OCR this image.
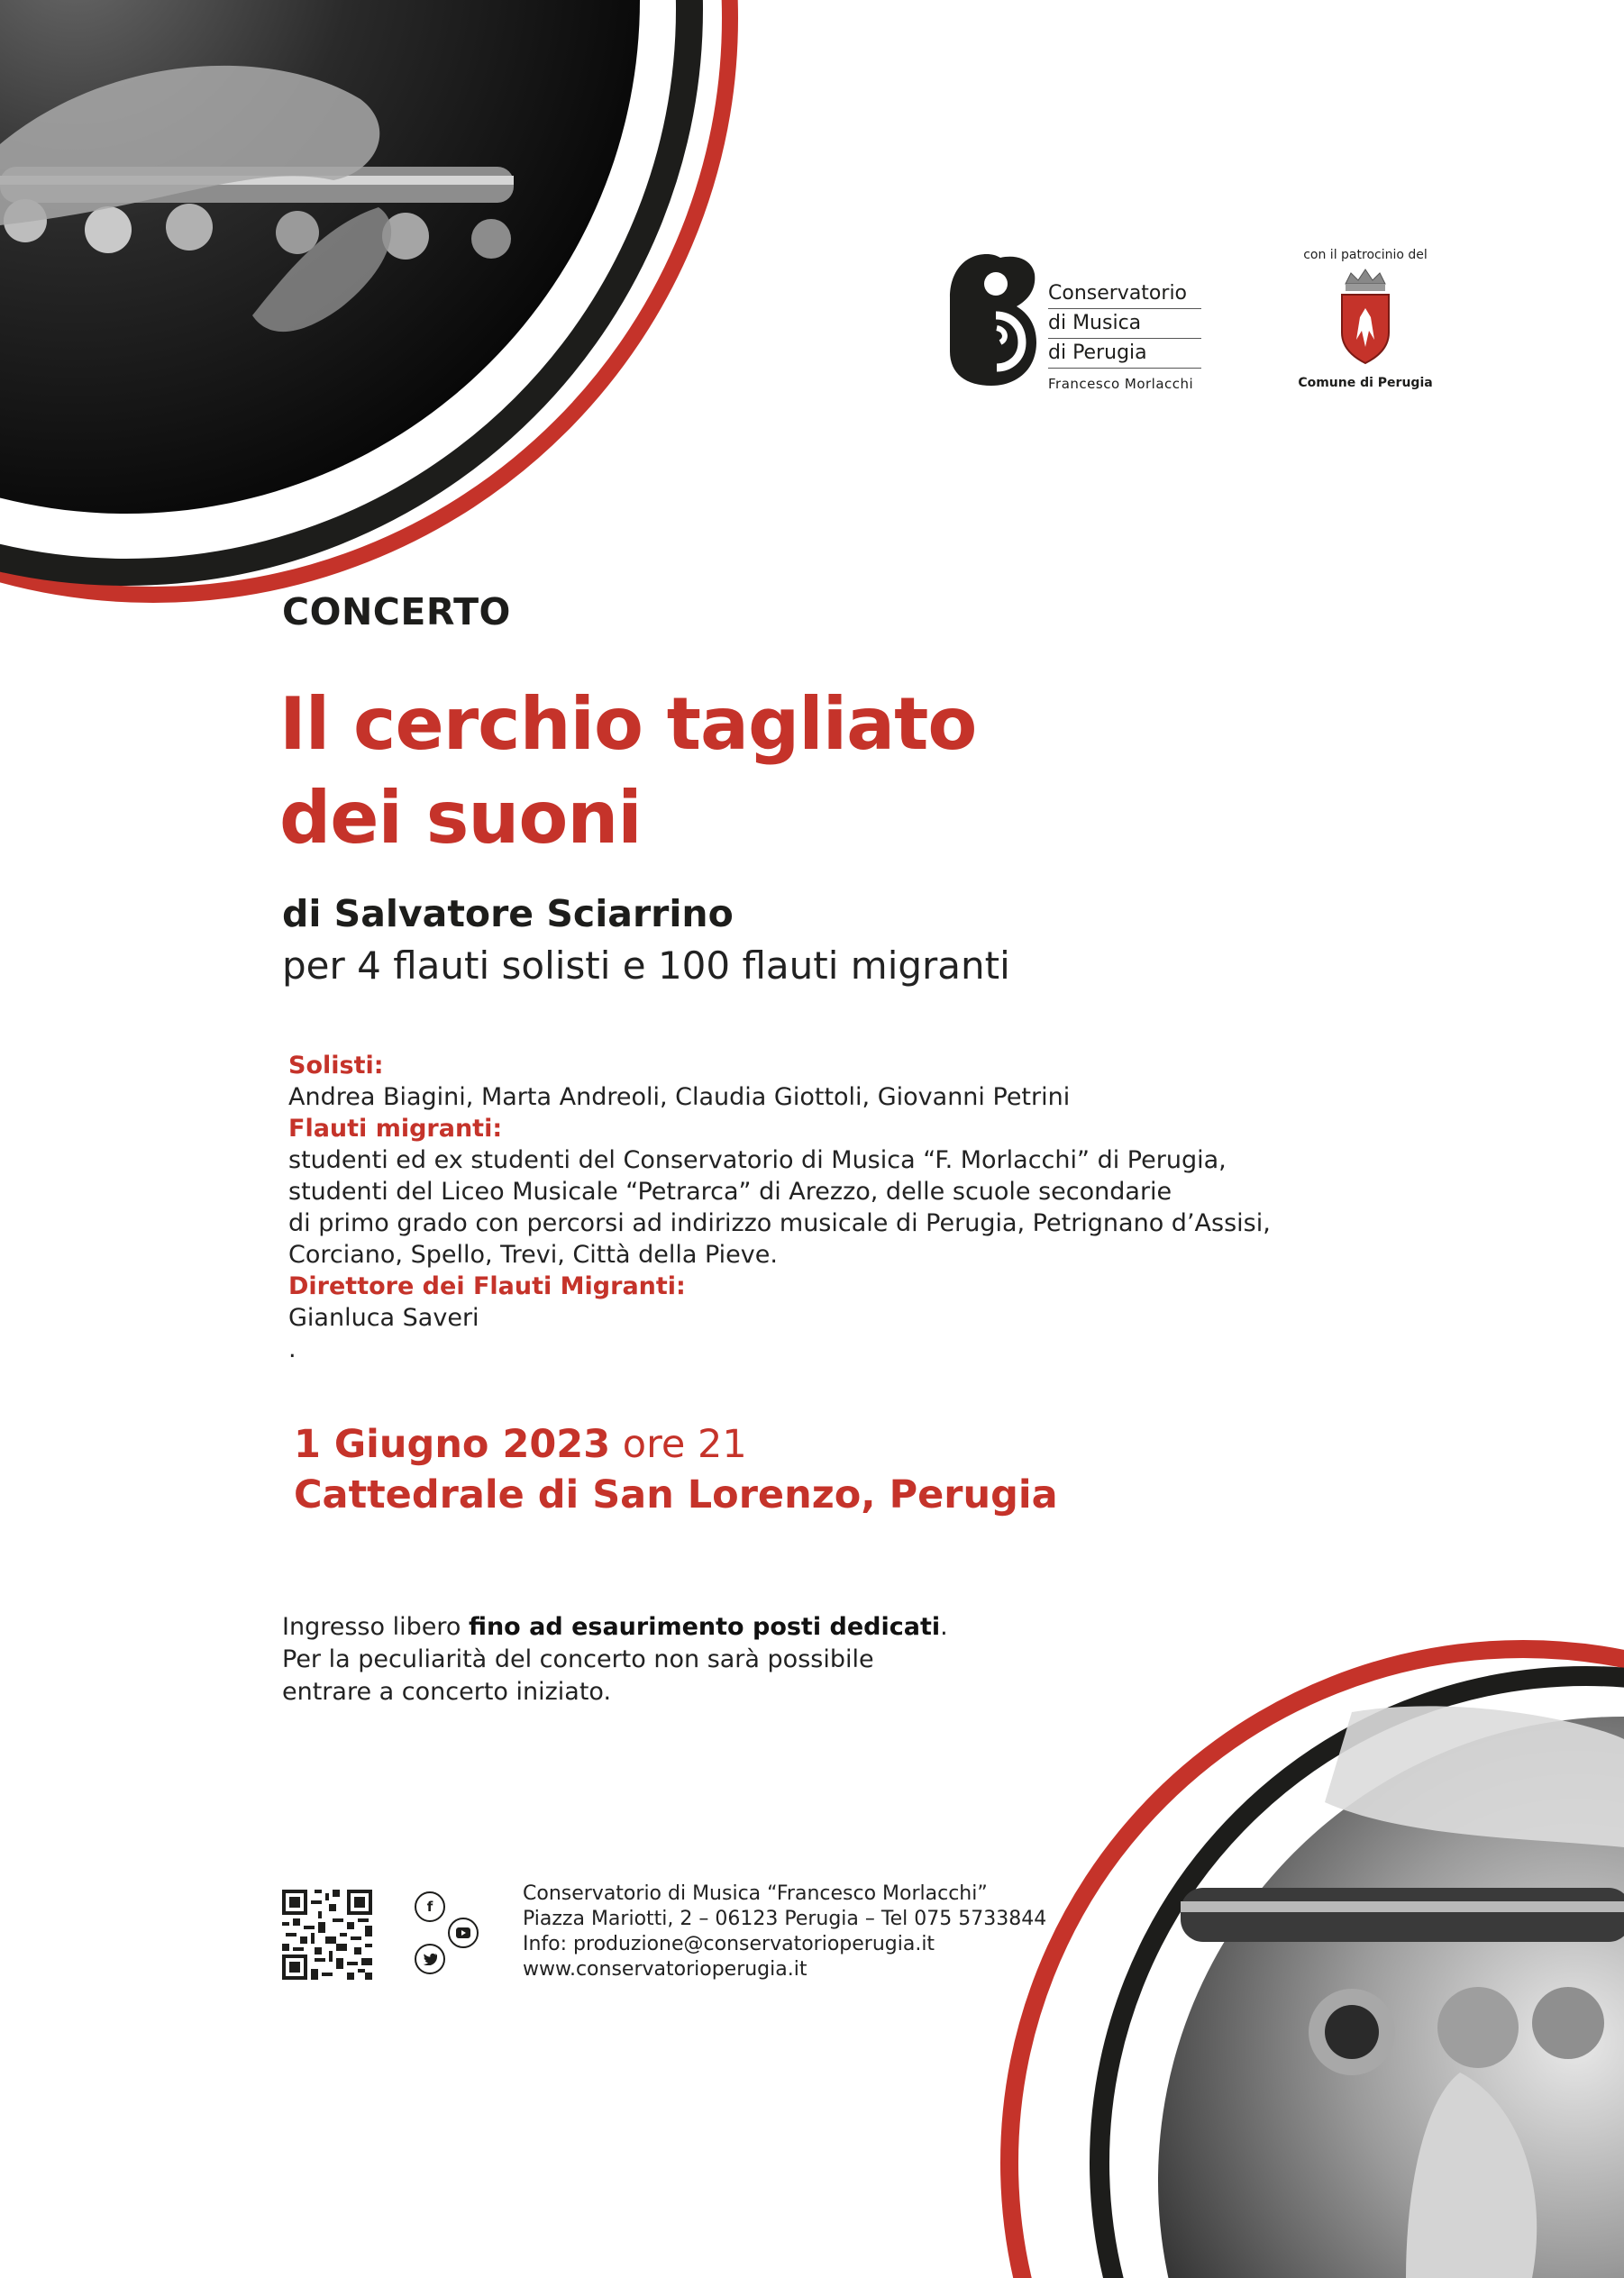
Conservatorio
di Musica
di Perugia
Francesco Morlacchi
con il patrocinio del
Comune di Perugia
CONCERTO
Il cerchio tagliato
dei suoni
di Salvatore Sciarrino
per 4 flauti solisti e 100 flauti migranti
Solisti:
Andrea Biagini, Marta Andreoli, Claudia Giottoli, Giovanni Petrini
Flauti migranti:
studenti ed ex studenti del Conservatorio di Musica “F. Morlacchi” di Perugia,
studenti del Liceo Musicale “Petrarca” di Arezzo, delle scuole secondarie
di primo grado con percorsi ad indirizzo musicale di Perugia, Petrignano d’Assisi,
Corciano, Spello, Trevi, Città della Pieve.
Direttore dei Flauti Migranti:
Gianluca Saveri
.
1 Giugno 2023 ore 21
Cattedrale di San Lorenzo, Perugia
Ingresso libero fino ad esaurimento posti dedicati.
Per la peculiarità del concerto non sarà possibile
entrare a concerto iniziato.
f
Conservatorio di Musica “Francesco Morlacchi”
Piazza Mariotti, 2 – 06123 Perugia – Tel 075 5733844
Info: produzione@conservatorioperugia.it
www.conservatorioperugia.it
